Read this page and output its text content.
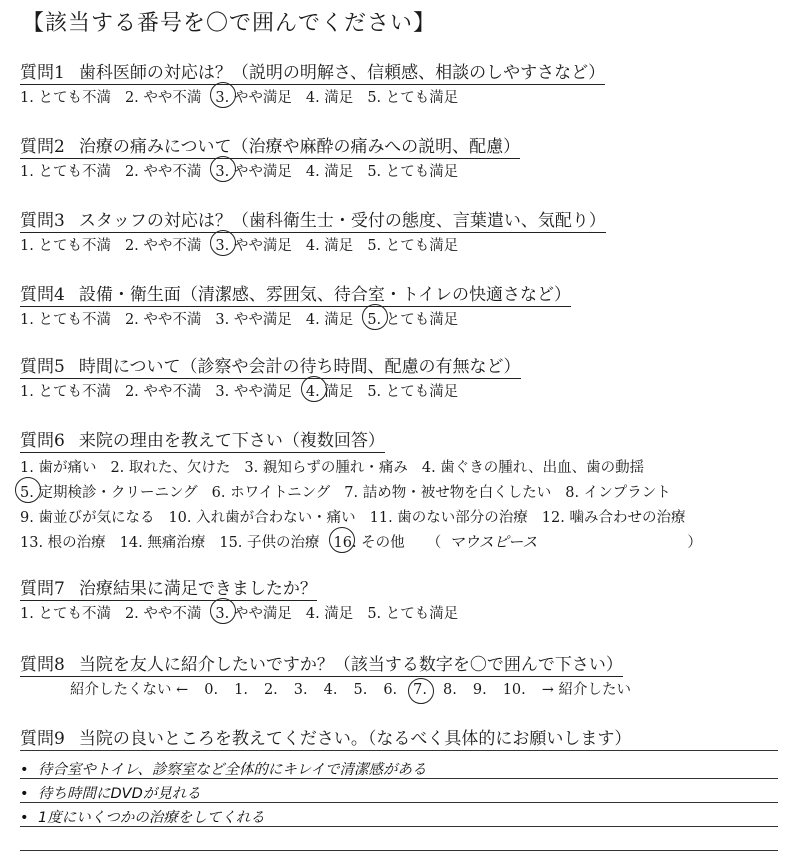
【該当する番号を〇で囲んでください】
質問1 歯科医師の対応は？（説明の明解さ、信頼感、相談のしやすさなど）
1. とても不満 2. やや不満 3. やや満足 4. 満足 5. とても満足
質問2 治療の痛みについて（治療や麻酔の痛みへの説明、配慮）
1. とても不満 2. やや不満 3. やや満足 4. 満足 5. とても満足
質問3 スタッフの対応は？（歯科衛生士・受付の態度、言葉遣い、気配り）
1. とても不満 2. やや不満 3. やや満足 4. 満足 5. とても満足
質問4 設備・衛生面（清潔感、雰囲気、待合室・トイレの快適さなど）
1. とても不満 2. やや不満 3. やや満足 4. 満足 5. とても満足
質問5 時間について（診察や会計の待ち時間、配慮の有無など）
1. とても不満 2. やや不満 3. やや満足 4. 満足 5. とても満足
質問6 来院の理由を教えて下さい（複数回答）
1. 歯が痛い 2. 取れた、欠けた 3. 親知らずの腫れ・痛み 4. 歯ぐきの腫れ、出血、歯の動揺
5. 定期検診・クリーニング 6. ホワイトニング 7. 詰め物・被せ物を白くしたい 8. インプラント
9. 歯並びが気になる 10. 入れ歯が合わない・痛い 11. 歯のない部分の治療 12. 噛み合わせの治療
13. 根の治療 14. 無痛治療 15. 子供の治療 16. その他 （ マウスピース	）
質問7 治療結果に満足できましたか？
1. とても不満 2. やや不満 3. やや満足 4. 満足 5. とても満足
質問8 当院を友人に紹介したいですか？（該当する数字を〇で囲んで下さい）
紹介したくない ← 0. 1. 2. 3. 4. 5. 6. 7. 8. 9. 10. → 紹介したい
質問9 当院の良いところを教えてください。（なるべく具体的にお願いします）
• 待合室やトイレ、診察室など全体的にキレイで清潔感がある
• 待ち時間にDVDが見れる
• 1度にいくつかの治療をしてくれる
